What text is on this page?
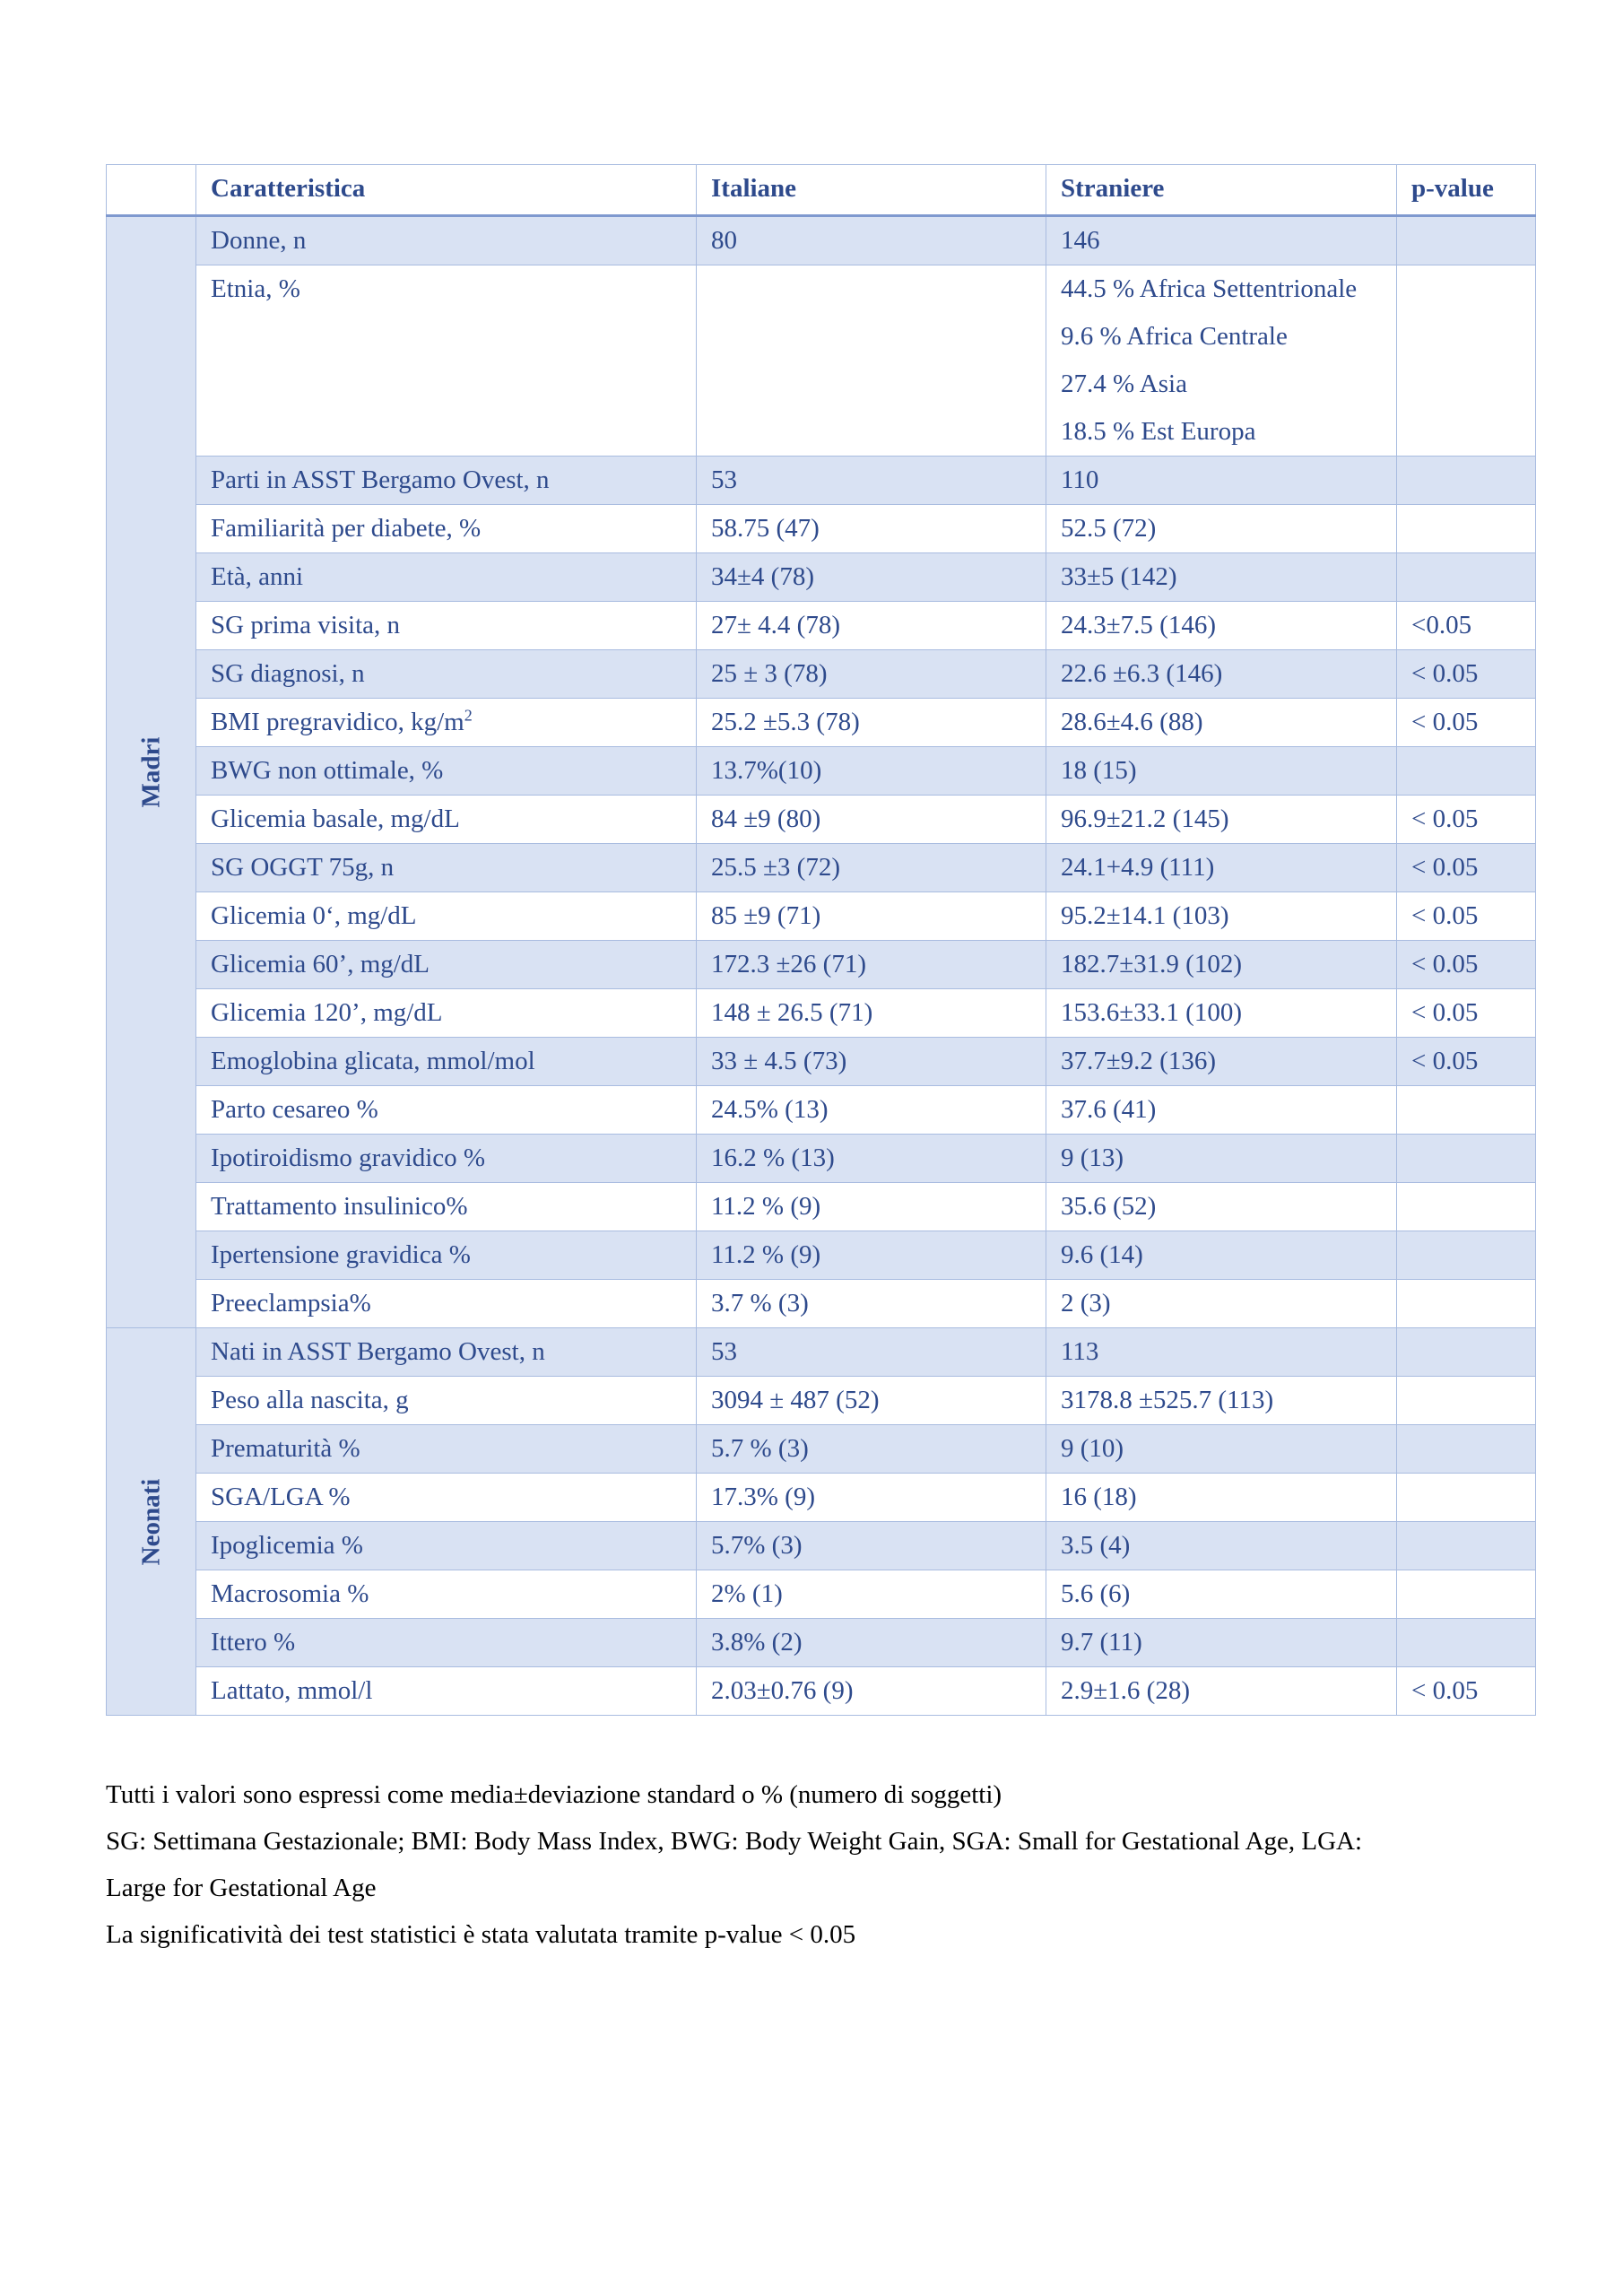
	Caratteristica	Italiane	Straniere	p-value

Madri	Donne, n	80	146	

	Etnia, %		44.5 % Africa Settentrionale
9.6 % Africa Centrale
27.4 % Asia
18.5 % Est Europa	

	Parti in ASST Bergamo Ovest, n	53	110	

	Familiarità per diabete, %	58.75 (47)	52.5 (72)	

	Età, anni	34±4 (78)	33±5 (142)	

	SG prima visita, n	27± 4.4 (78)	24.3±7.5 (146)	<0.05
	SG diagnosi, n	25 ± 3 (78)	22.6 ±6.3 (146)	< 0.05
	BMI pregravidico, $kg/m^2$	25.2 ±5.3 (78)	28.6±4.6 (88)	< 0.05
	BWG non ottimale, %	13.7%(10)	18 (15)	

	Glicemia basale, mg/dL	84 ±9 (80)	96.9±21.2 (145)	< 0.05
	SG OGGT 75g, n	25.5 ±3 (72)	24.1+4.9 (111)	< 0.05
	Glicemia 0‘, mg/dL	85 ±9 (71)	95.2±14.1 (103)	< 0.05
	Glicemia 60’, mg/dL	172.3 ±26 (71)	182.7±31.9 (102)	< 0.05
	Glicemia 120’, mg/dL	148 ± 26.5 (71)	153.6±33.1 (100)	< 0.05
	Emoglobina glicata, mmol/mol	33 ± 4.5 (73)	37.7±9.2 (136)	< 0.05
	Parto cesareo %	24.5% (13)	37.6 (41)	

	Ipotiroidismo gravidico %	16.2 % (13)	9 (13)	

	Trattamento insulinico%	11.2 % (9)	35.6 (52)	

	Ipertensione gravidica %	11.2 % (9)	9.6 (14)	

	Preeclampsia%	3.7 % (3)	2 (3)	

Neonati	Nati in ASST Bergamo Ovest, n	53	113	

	Peso alla nascita, g	3094 ± 487 (52)	3178.8 ±525.7 (113)	

	Prematurità %	5.7 % (3)	9 (10)	

	SGA/LGA %	17.3% (9)	16 (18)	

	Ipoglicemia %	5.7% (3)	3.5 (4)	

	Macrosomia %	2% (1)	5.6 (6)	

	Ittero %	3.8% (2)	9.7 (11)	

	Lattato, mmol/l	2.03±0.76 (9)	2.9±1.6 (28)	< 0.05

Tutti i valori sono espressi come media±deviazione standard o % (numero di soggetti)

SG: Settimana Gestazionale; BMI: Body Mass Index, BWG: Body Weight Gain, SGA: Small for Gestational Age, LGA:

Large for Gestational Age

La significatività dei test statistici è stata valutata tramite p-value < 0.05
